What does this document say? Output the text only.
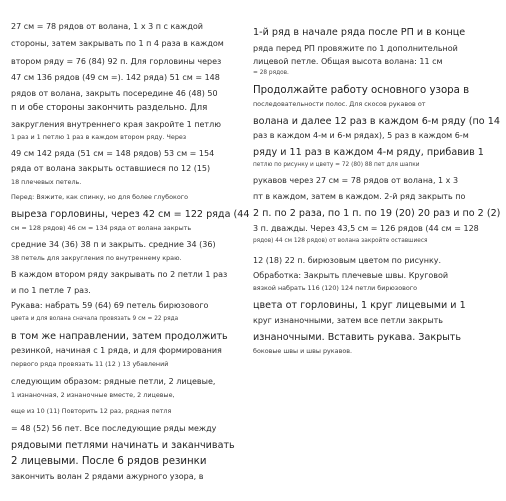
27 см = 78 рядов от волана, 1 х 3 п с каждой
стороны, затем закрывать по 1 п 4 раза в каждом
втором ряду = 76 (84) 92 п. Для горловины через
47 см 136 рядов (49 см =). 142 ряда) 51 см = 148
рядов от волана, закрыть посередине 46 (48) 50
п и обе стороны закончить раздельно. Для
закругления внутреннего края закройте 1 петлю
1 раз и 1 петлю 1 раз в каждом втором ряду. Через
49 см 142 ряда (51 см = 148 рядов) 53 см = 154
ряда от волана закрыть оставшиеся по 12 (15)
18 плечевых петель.
Перед: Вяжите, как спинку, но для более глубокого
выреза горловины, через 42 см = 122 ряда (44
см = 128 рядов) 46 см = 134 ряда от волана закрыть
средние 34 (36) 38 п и закрыть. средние 34 (36)
38 петель для закругления по внутреннему краю.
В каждом втором ряду закрывать по 2 петли 1 раз
и по 1 петле 7 раз.
Рукава: набрать 59 (64) 69 петель бирюзового
цвета и для волана сначала провязать 9 см = 22 ряда
в том же направлении, затем продолжить
резинкой, начиная с 1 ряда, и для формирования
первого ряда провязать 11 (12 ) 13 убавлений
следующим образом: рядные петли, 2 лицевые,
1 изнаночная, 2 изнаночные вместе, 2 лицевые,
еще из 10 (11) Повторить 12 раз, рядная петля
= 48 (52) 56 пет. Все последующие ряды между
рядовыми петлями начинать и заканчивать
2 лицевыми. После 6 рядов резинки
закончить волан 2 рядами ажурного узора, в
1-й ряд в начале ряда после РП и в конце
ряда перед РП провяжите по 1 дополнительной
лицевой петле. Общая высота волана: 11 см
= 28 рядов.
Продолжайте работу основного узора в
последовательности полос. Для скосов рукавов от
волана и далее 12 раз в каждом 6-м ряду (по 14
раз в каждом 4-м и 6-м рядах), 5 раз в каждом 6-м
ряду и 11 раз в каждом 4-м ряду, прибавив 1
петлю по рисунку и цвету = 72 (80) 88 пет для шапки
рукавов через 27 см = 78 рядов от волана, 1 х 3
пт в каждом, затем в каждом. 2-й ряд закрыть по
2 п. по 2 раза, по 1 п. по 19 (20) 20 раз и по 2 (2)
3 п. дважды. Через 43,5 см = 126 рядов (44 см = 128
рядов) 44 см 128 рядов) от волана закройте оставшиеся
12 (18) 22 п. бирюзовым цветом по рисунку.
Обработка: Закрыть плечевые швы. Круговой
вязкой набрать 116 (120) 124 петли бирюзового
цвета от горловины, 1 круг лицевыми и 1
круг изнаночными, затем все петли закрыть
изнаночными. Вставить рукава. Закрыть
боковые швы и швы рукавов.
